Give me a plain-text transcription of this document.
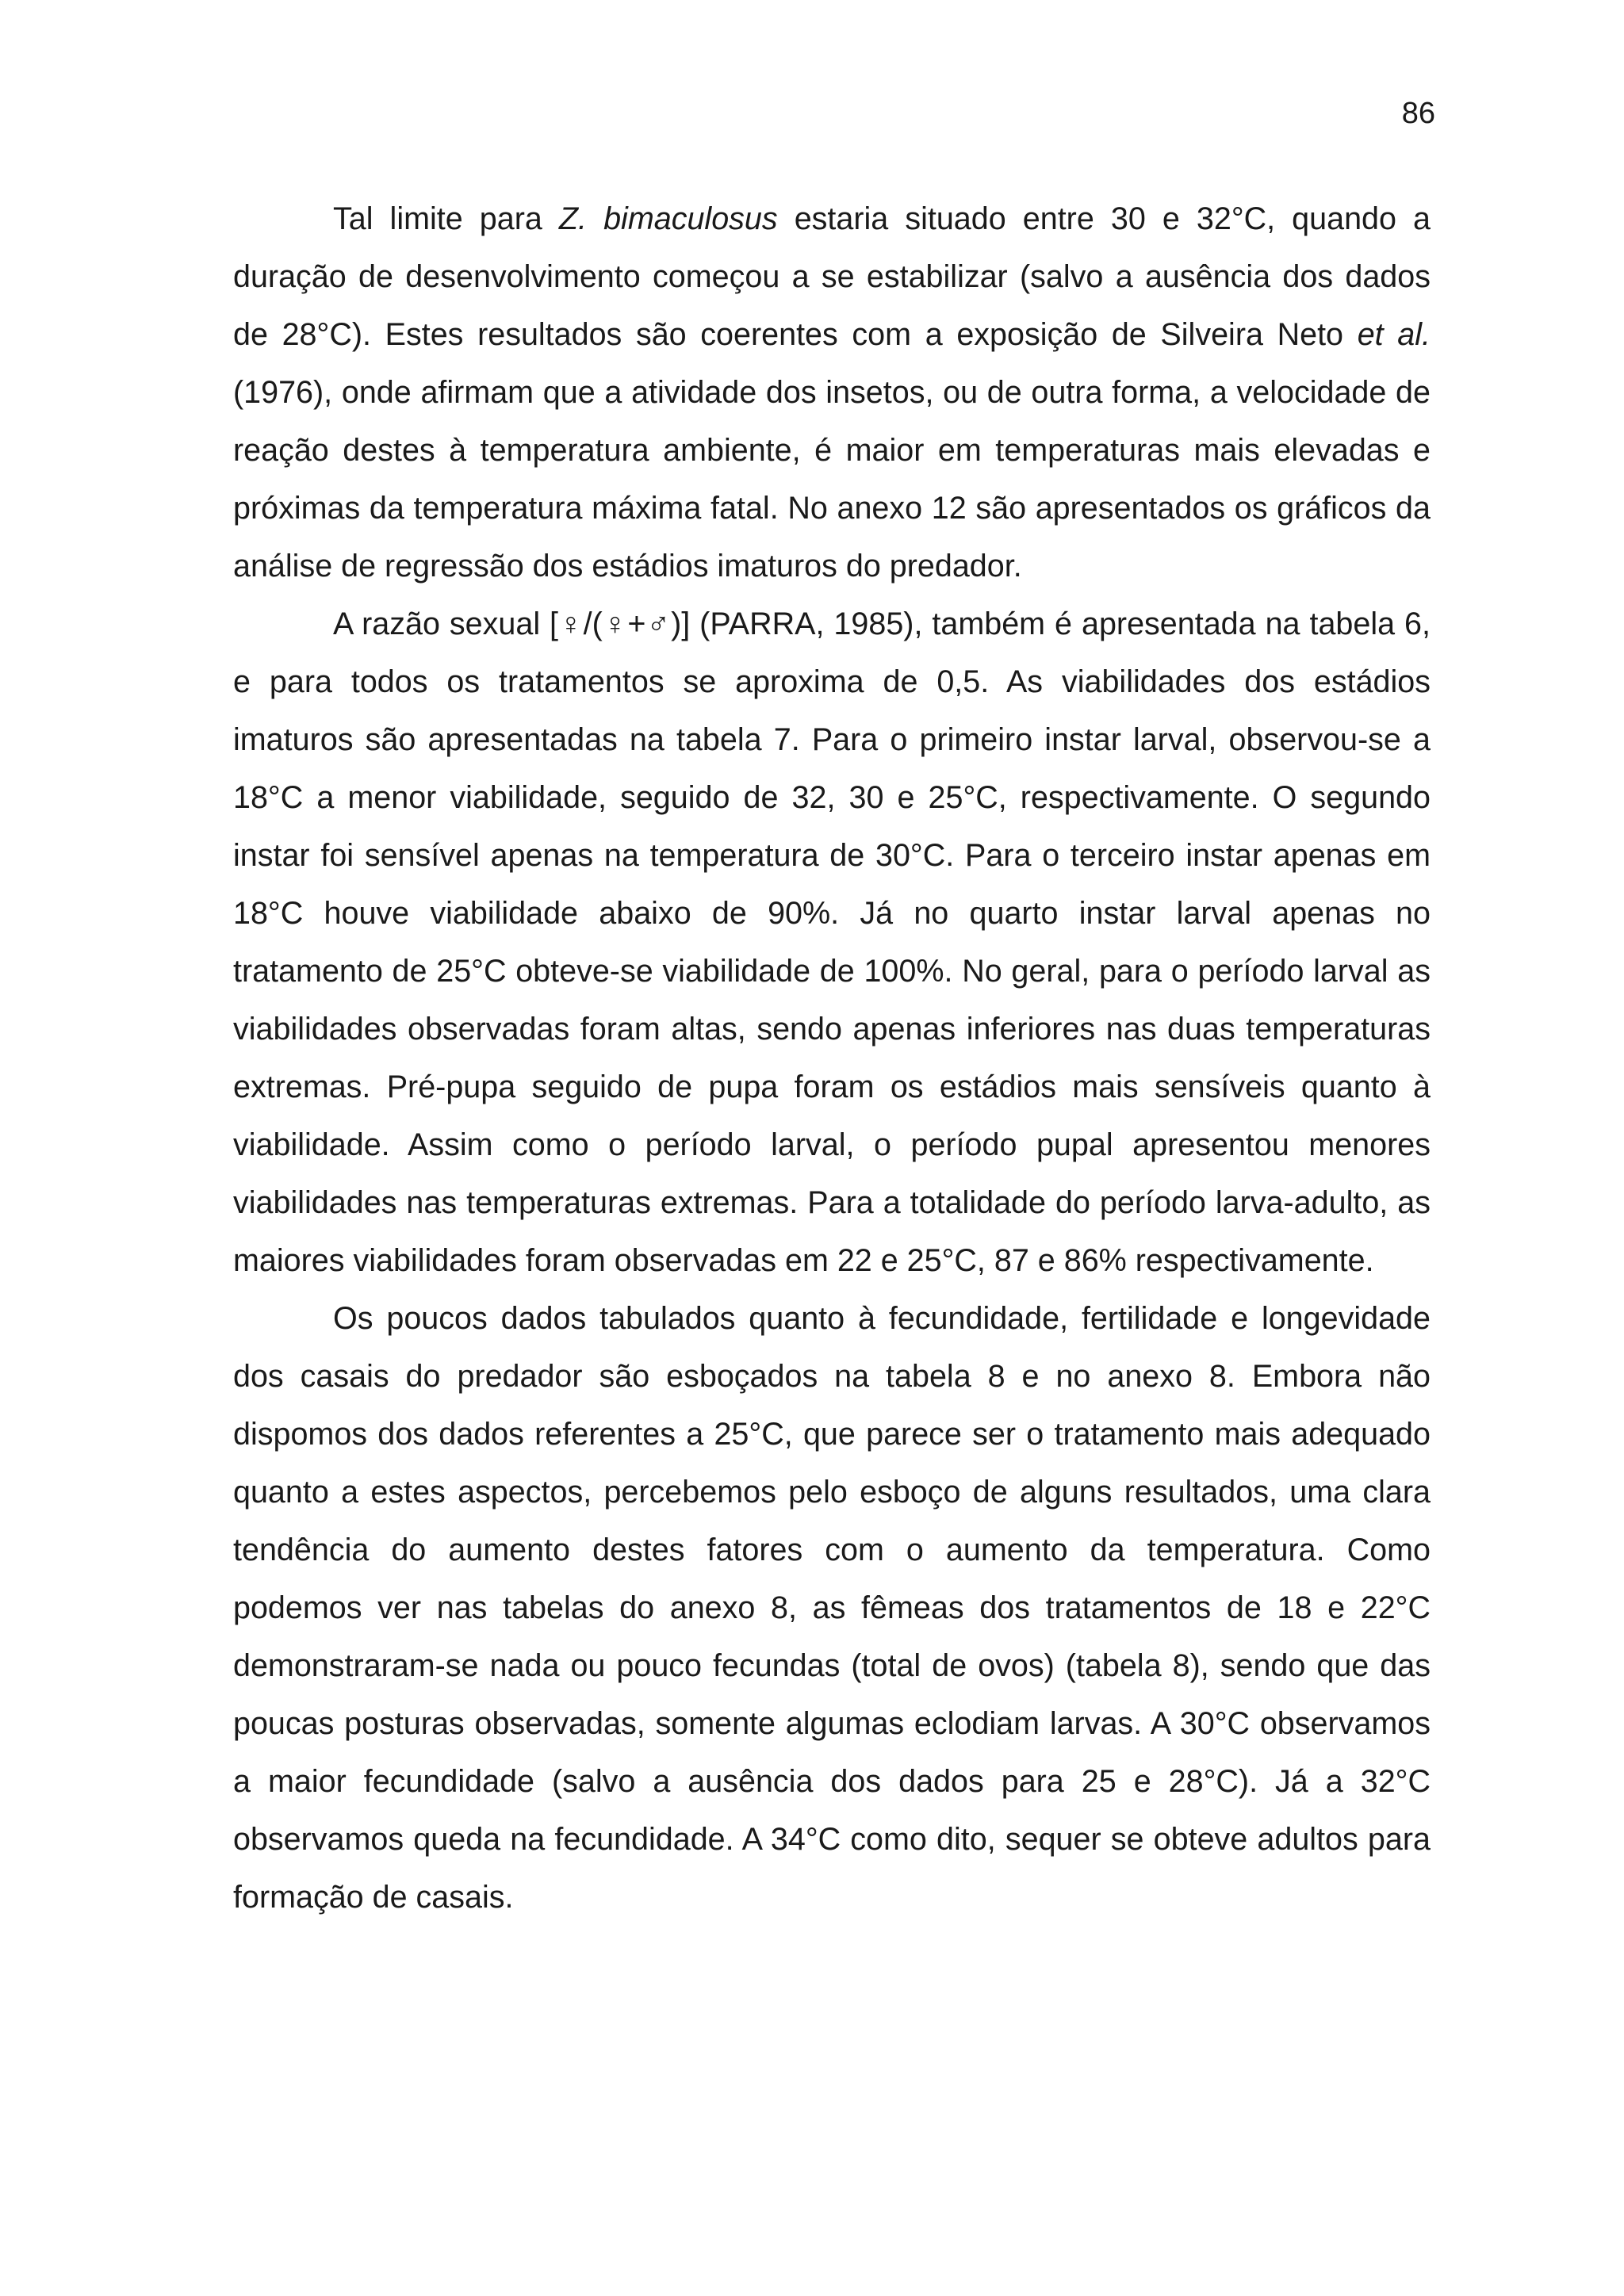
86

Tal limite para Z. bimaculosus estaria situado entre 30 e 32°C, quando a duração de desenvolvimento começou a se estabilizar (salvo a ausência dos dados de 28°C). Estes resultados são coerentes com a exposição de Silveira Neto et al. (1976), onde afirmam que a atividade dos insetos, ou de outra forma, a velocidade de reação destes à temperatura ambiente, é maior em temperaturas mais elevadas e próximas da temperatura máxima fatal. No anexo 12 são apresentados os gráficos da análise de regressão dos estádios imaturos do predador.

A razão sexual [♀/(♀+♂)] (PARRA, 1985), também é apresentada na tabela 6, e para todos os tratamentos se aproxima de 0,5. As viabilidades dos estádios imaturos são apresentadas na tabela 7. Para o primeiro instar larval, observou-se a 18°C a menor viabilidade, seguido de 32, 30 e 25°C, respectivamente. O segundo instar foi sensível apenas na temperatura de 30°C. Para o terceiro instar apenas em 18°C houve viabilidade abaixo de 90%. Já no quarto instar larval apenas no tratamento de 25°C obteve-se viabilidade de 100%. No geral, para o período larval as viabilidades observadas foram altas, sendo apenas inferiores nas duas temperaturas extremas. Pré-pupa seguido de pupa foram os estádios mais sensíveis quanto à viabilidade. Assim como o período larval, o período pupal apresentou menores viabilidades nas temperaturas extremas. Para a totalidade do período larva-adulto, as maiores viabilidades foram observadas em 22 e 25°C, 87 e 86% respectivamente.

Os poucos dados tabulados quanto à fecundidade, fertilidade e longevidade dos casais do predador são esboçados na tabela 8 e no anexo 8. Embora não dispomos dos dados referentes a 25°C, que parece ser o tratamento mais adequado quanto a estes aspectos, percebemos pelo esboço de alguns resultados, uma clara tendência do aumento destes fatores com o aumento da temperatura. Como podemos ver nas tabelas do anexo 8, as fêmeas dos tratamentos de 18 e 22°C demonstraram-se nada ou pouco fecundas (total de ovos) (tabela 8), sendo que das poucas posturas observadas, somente algumas eclodiam larvas. A 30°C observamos a maior fecundidade (salvo a ausência dos dados para 25 e 28°C). Já a 32°C observamos queda na fecundidade. A 34°C como dito, sequer se obteve adultos para formação de casais.
